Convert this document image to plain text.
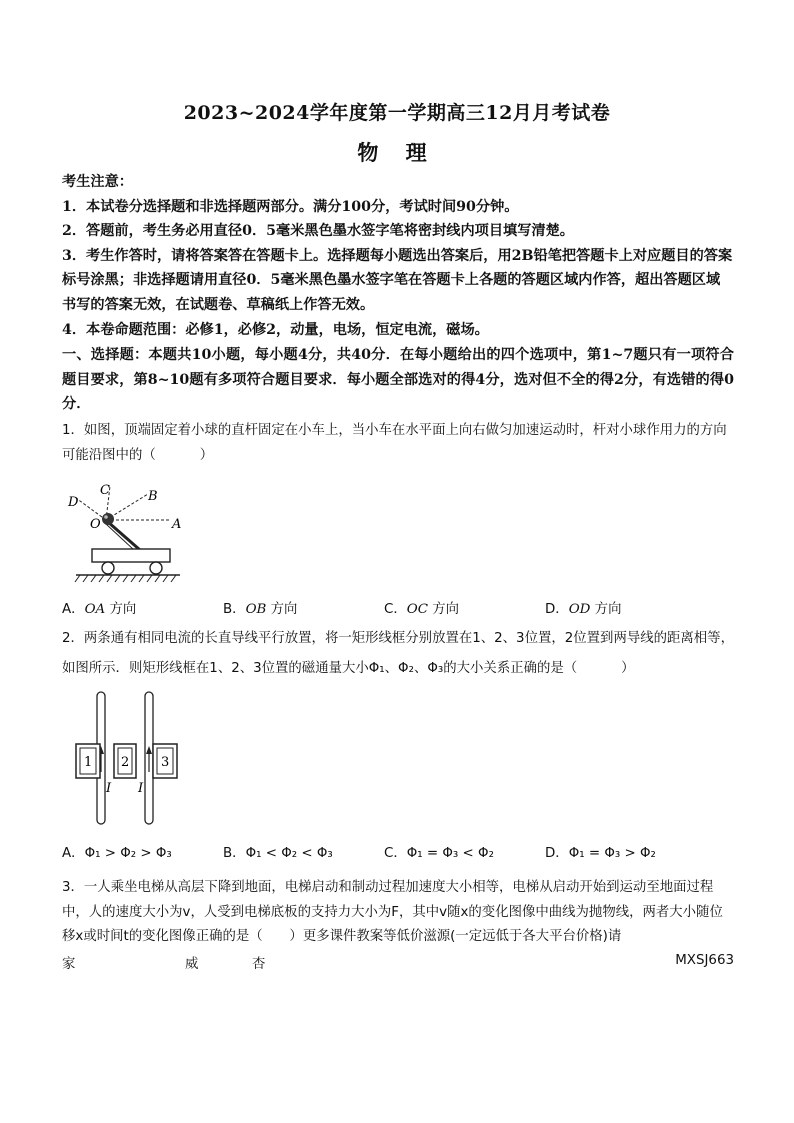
2023~2024学年度第一学期高三12月月考试卷
物 理

考生注意：

1．本试卷分选择题和非选择题两部分。满分100分，考试时间90分钟。

2．答题前，考生务必用直径0．5毫米黑色墨水签字笔将密封线内项目填写清楚。

3．考生作答时，请将答案答在答题卡上。选择题每小题选出答案后，用2B铅笔把答题卡上对应题目的答案标号涂黑；非选择题请用直径0．5毫米黑色墨水签字笔在答题卡上各题的答题区域内作答，超出答题区域书写的答案无效，在试题卷、草稿纸上作答无效。

4．本卷命题范围：必修1，必修2，动量，电场，恒定电流，磁场。

一、选择题：本题共10小题，每小题4分，共40分．在每小题给出的四个选项中，第1~7题只有一项符合题目要求，第8~10题有多项符合题目要求．每小题全部选对的得4分，选对但不全的得2分，有选错的得0分．
1．如图，顶端固定着小球的直杆固定在小车上，当小车在水平面上向右做匀加速运动时，杆对小球作用力的方向可能沿图中的（	）
D
C	B
A
O
A．OA 方向	B．OB 方向	C．OC 方向	D．OD 方向
2．两条通有相同电流的长直导线平行放置，将一矩形线框分别放置在1、2、3位置，2位置到两导线的距离相等，如图所示．则矩形线框在1、2、3位置的磁通量大小Φ₁、Φ₂、Φ₃的大小关系正确的是（	）
1 2 3
I I
A．Φ₁ > Φ₂ > Φ₃	B．Φ₁ < Φ₂ < Φ₃	C．Φ₁ = Φ₃ < Φ₂	D．Φ₁ = Φ₃ > Φ₂
3．一人乘坐电梯从高层下降到地面，电梯启动和制动过程加速度大小相等，电梯从启动开始到运动至地面过程中，人的速度大小为v，人受到电梯底板的支持力大小为F，其中v随x的变化图像中曲线为抛物线，两者大小随位移x或时间t的变化图像正确的是（　　）更多课件教案等低价滋源(一定远低于各大平台价格)请
家	威	杏	MXSJ663
